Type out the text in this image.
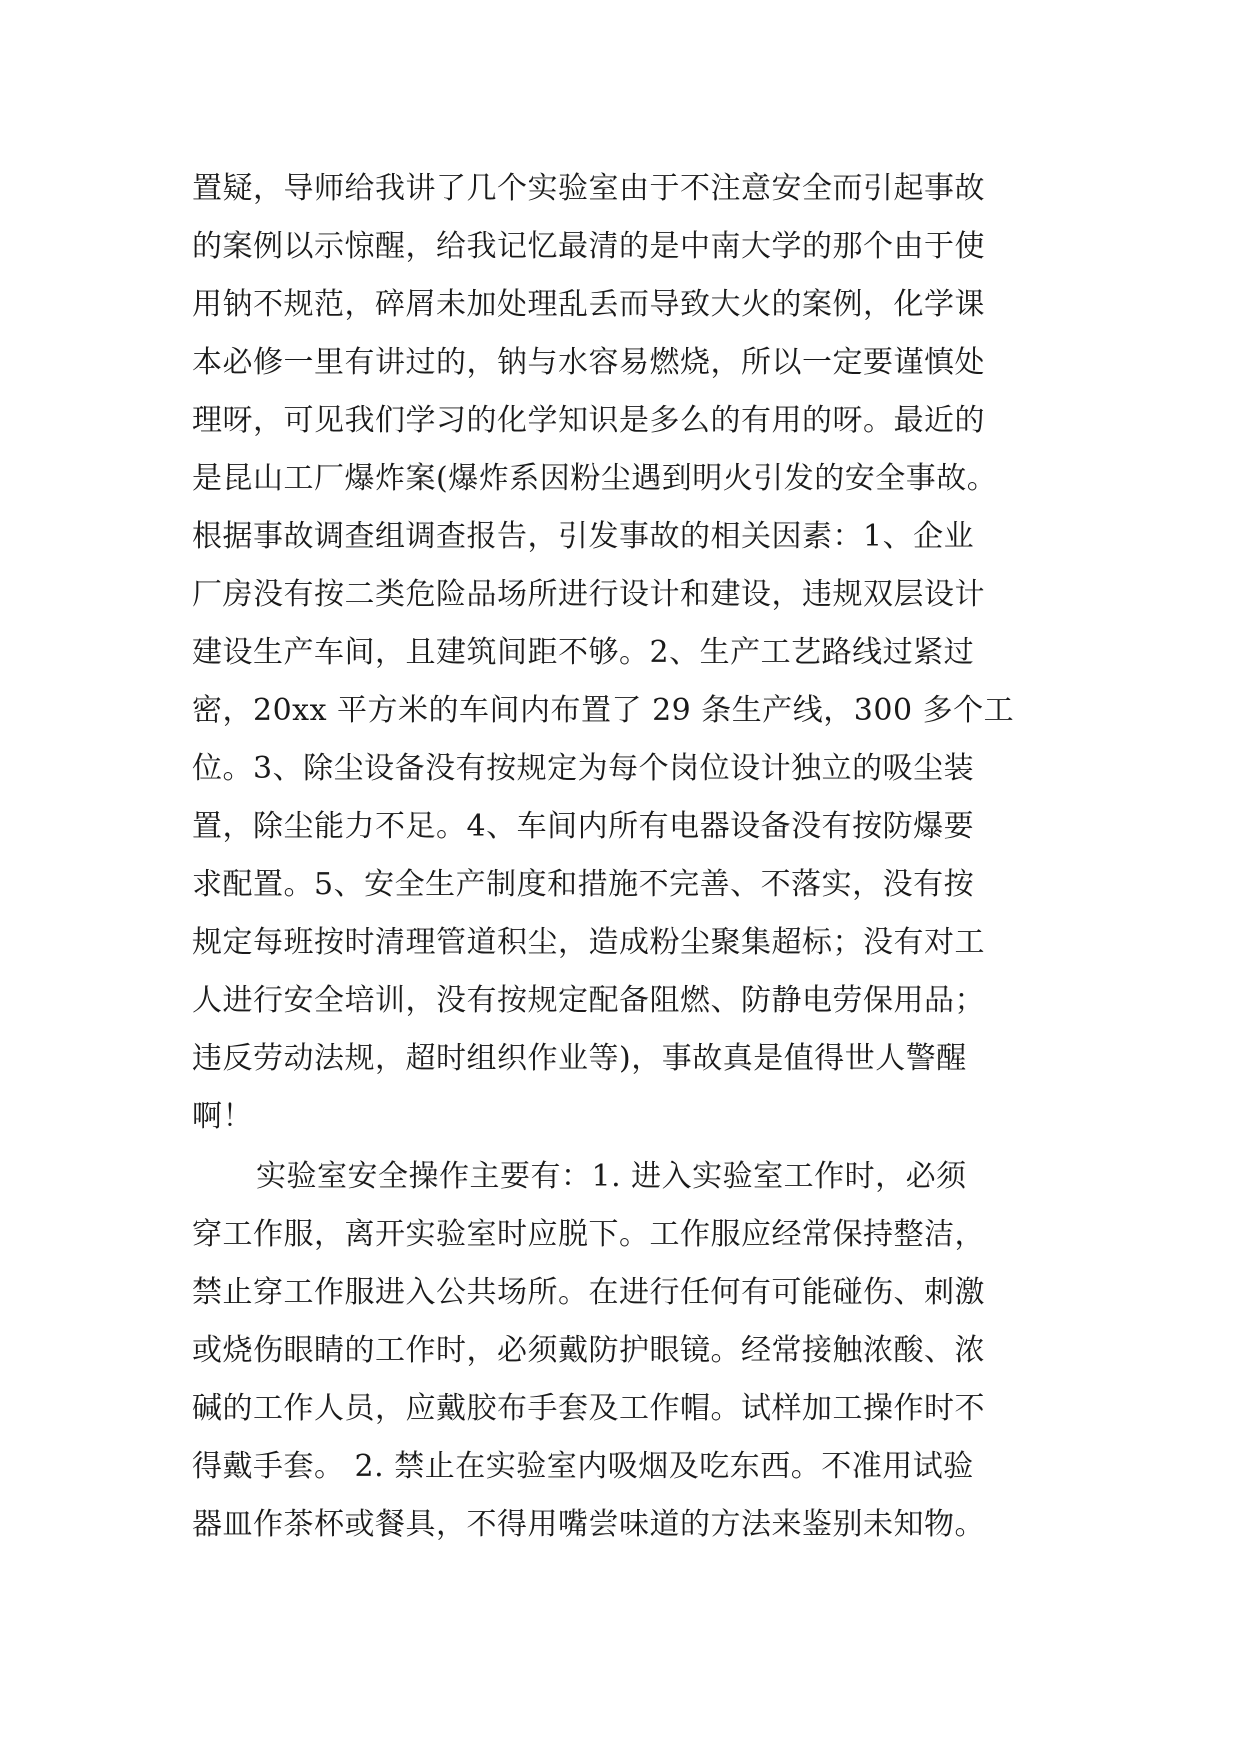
置疑，导师给我讲了几个实验室由于不注意安全而引起事故
的案例以示惊醒，给我记忆最清的是中南大学的那个由于使
用钠不规范，碎屑未加处理乱丢而导致大火的案例，化学课
本必修一里有讲过的，钠与水容易燃烧，所以一定要谨慎处
理呀，可见我们学习的化学知识是多么的有用的呀。最近的
是昆山工厂爆炸案(爆炸系因粉尘遇到明火引发的安全事故。
根据事故调查组调查报告，引发事故的相关因素：1、企业
厂房没有按二类危险品场所进行设计和建设，违规双层设计
建设生产车间，且建筑间距不够。2、生产工艺路线过紧过
密，20xx 平方米的车间内布置了 29 条生产线，300 多个工
位。3、除尘设备没有按规定为每个岗位设计独立的吸尘装
置，除尘能力不足。4、车间内所有电器设备没有按防爆要
求配置。5、安全生产制度和措施不完善、不落实，没有按
规定每班按时清理管道积尘，造成粉尘聚集超标；没有对工
人进行安全培训，没有按规定配备阻燃、防静电劳保用品；
违反劳动法规，超时组织作业等)，事故真是值得世人警醒
啊！
实验室安全操作主要有：1. 进入实验室工作时，必须
穿工作服，离开实验室时应脱下。工作服应经常保持整洁，
禁止穿工作服进入公共场所。在进行任何有可能碰伤、刺激
或烧伤眼睛的工作时，必须戴防护眼镜。经常接触浓酸、浓
碱的工作人员，应戴胶布手套及工作帽。试样加工操作时不
得戴手套。 2. 禁止在实验室内吸烟及吃东西。不准用试验
器皿作茶杯或餐具，不得用嘴尝味道的方法来鉴别未知物。
